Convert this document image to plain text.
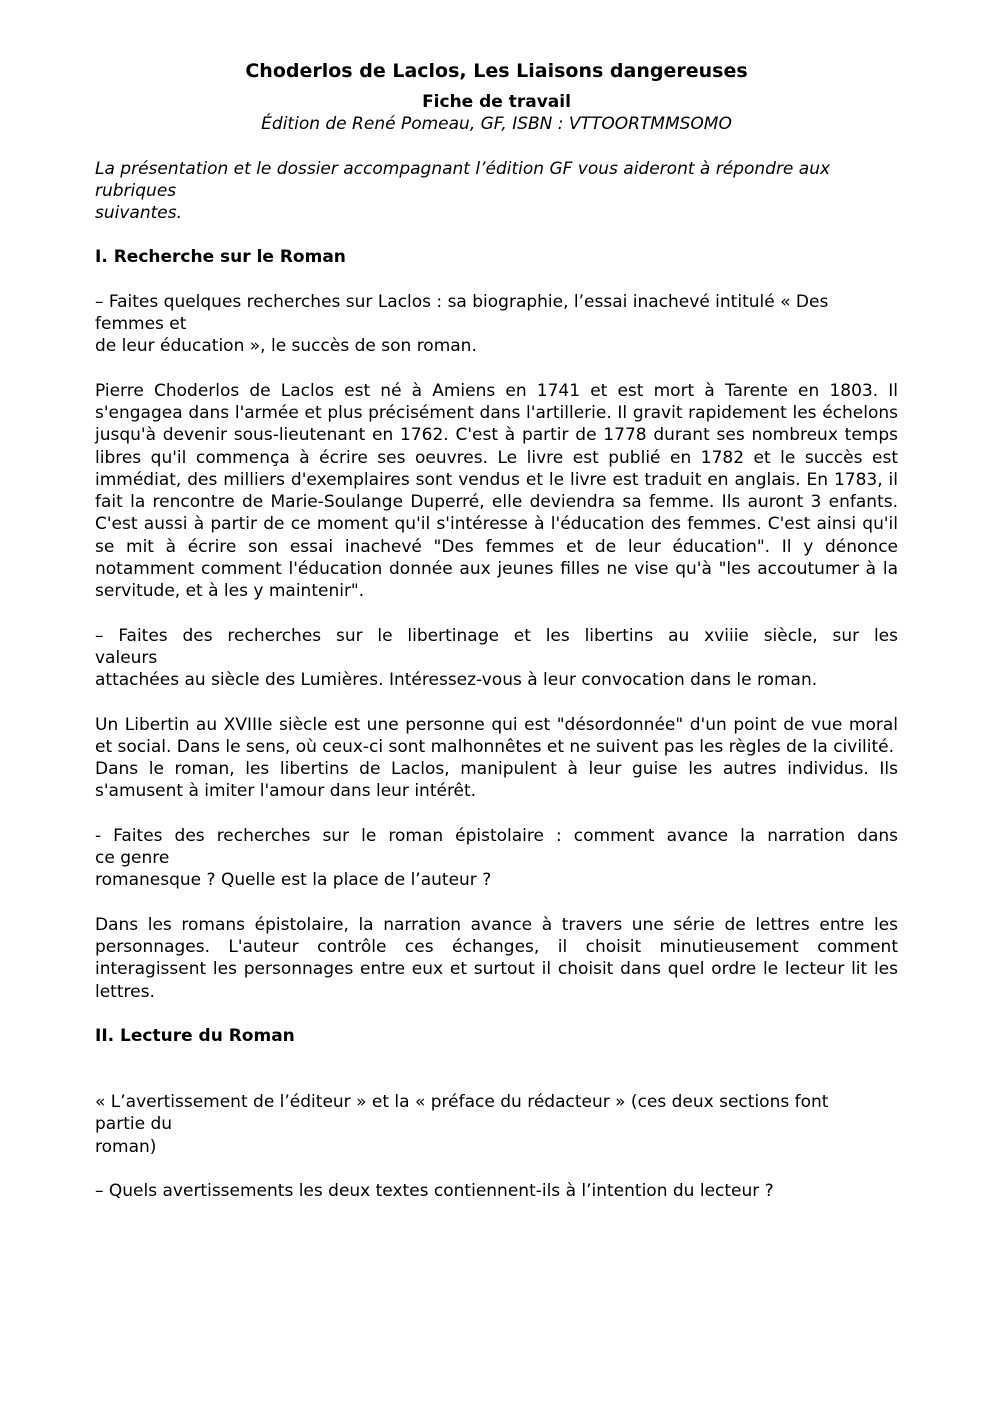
Choderlos de Laclos, Les Liaisons dangereuses
Fiche de travail
Édition de René Pomeau, GF, ISBN : VTTOORTMMSOMO
La présentation et le dossier accompagnant l’édition GF vous aideront à répondre aux
rubriques
suivantes.
I. Recherche sur le Roman
– Faites quelques recherches sur Laclos : sa biographie, l’essai inachevé intitulé « Des
femmes et
de leur éducation », le succès de son roman.
Pierre Choderlos de Laclos est né à Amiens en 1741 et est mort à Tarente en 1803. Il s'engagea dans l'armée et plus précisément dans l'artillerie. Il gravit rapidement les échelons jusqu'à devenir sous-lieutenant en 1762. C'est à partir de 1778 durant ses nombreux temps libres qu'il commença à écrire ses oeuvres. Le livre est publié en 1782 et le succès est immédiat, des milliers d'exemplaires sont vendus et le livre est traduit en anglais. En 1783, il fait la rencontre de Marie-Soulange Duperré, elle deviendra sa femme. Ils auront 3 enfants. C'est aussi à partir de ce moment qu'il s'intéresse à l'éducation des femmes. C'est ainsi qu'il se mit à écrire son essai inachevé "Des femmes et de leur éducation". Il y dénonce notamment comment l'éducation donnée aux jeunes filles ne vise qu'à "les accoutumer à la servitude, et à les y maintenir".
– Faites des recherches sur le libertinage et les libertins au xviiie siècle, sur les
valeurs
attachées au siècle des Lumières. Intéressez-vous à leur convocation dans le roman.
Un Libertin au XVIIIe siècle est une personne qui est "désordonnée" d'un point de vue moral et social. Dans le sens, où ceux-ci sont malhonnêtes et ne suivent pas les règles de la civilité.
Dans le roman, les libertins de Laclos, manipulent à leur guise les autres individus. Ils s'amusent à imiter l'amour dans leur intérêt.
- Faites des recherches sur le roman épistolaire : comment avance la narration dans
ce genre
romanesque ? Quelle est la place de l’auteur ?
Dans les romans épistolaire, la narration avance à travers une série de lettres entre les personnages. L'auteur contrôle ces échanges, il choisit minutieusement comment interagissent les personnages entre eux et surtout il choisit dans quel ordre le lecteur lit les lettres.
II. Lecture du Roman
« L’avertissement de l’éditeur » et la « préface du rédacteur » (ces deux sections font
partie du
roman)
– Quels avertissements les deux textes contiennent-ils à l’intention du lecteur ?
